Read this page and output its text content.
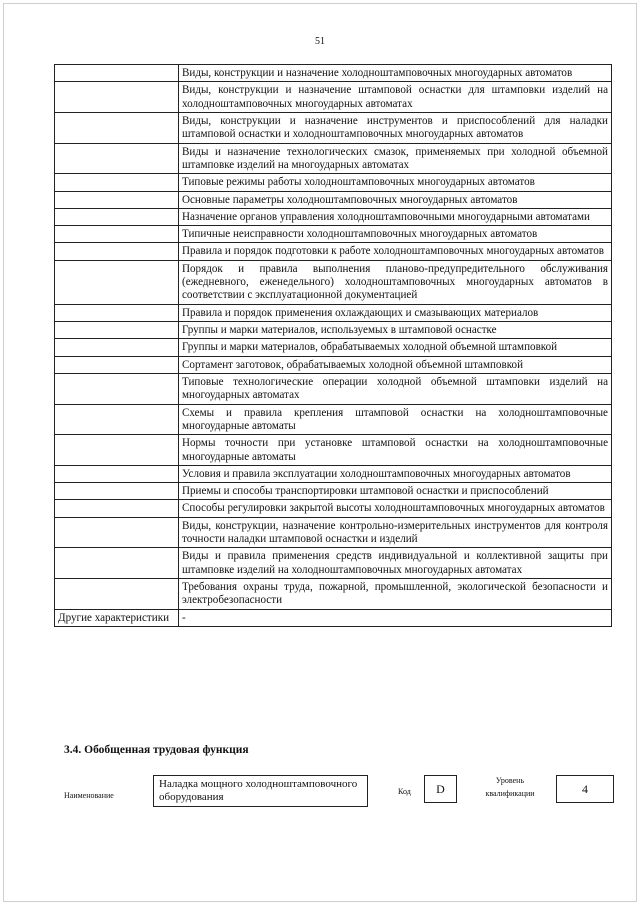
51
	Виды, конструкции и назначение холодноштамповочных многоударных автоматов
	Виды, конструкции и назначение штамповой оснастки для штамповки изделий на холодноштамповочных многоударных автоматах
	Виды, конструкции и назначение инструментов и приспособлений для наладки штамповой оснастки и холодноштамповочных многоударных автоматов
	Виды и назначение технологических смазок, применяемых при холодной объемной штамповке изделий на многоударных автоматах
	Типовые режимы работы холодноштамповочных многоударных автоматов
	Основные параметры холодноштамповочных многоударных автоматов
	Назначение органов управления холодноштамповочными многоударными автоматами
	Типичные неисправности холодноштамповочных многоударных автоматов
	Правила и порядок подготовки к работе холодноштамповочных многоударных автоматов
	Порядок и правила выполнения планово-предупредительного обслуживания (ежедневного, еженедельного) холодноштамповочных многоударных автоматов в соответствии с эксплуатационной документацией
	Правила и порядок применения охлаждающих и смазывающих материалов
	Группы и марки материалов, используемых в штамповой оснастке
	Группы и марки материалов, обрабатываемых холодной объемной штамповкой
	Сортамент заготовок, обрабатываемых холодной объемной штамповкой
	Типовые технологические операции холодной объемной штамповки изделий на многоударных автоматах
	Схемы и правила крепления штамповой оснастки на холодноштамповочные многоударные автоматы
	Нормы точности при установке штамповой оснастки на холодноштамповочные многоударные автоматы
	Условия и правила эксплуатации холодноштамповочных многоударных автоматов
	Приемы и способы транспортировки штамповой оснастки и приспособлений
	Способы регулировки закрытой высоты холодноштамповочных многоударных автоматов
	Виды, конструкции, назначение контрольно-измерительных инструментов для контроля точности наладки штамповой оснастки и изделий
	Виды и правила применения средств индивидуальной и коллективной защиты при штамповке изделий на холодноштамповочных многоударных автоматах
	Требования охраны труда, пожарной, промышленной, экологической безопасности и электробезопасности
Другие характеристики	-
3.4. Обобщенная трудовая функция
Наименование
Наладка мощного холодноштамповочного оборудования	Код	D
Уровень
квалификации	4
